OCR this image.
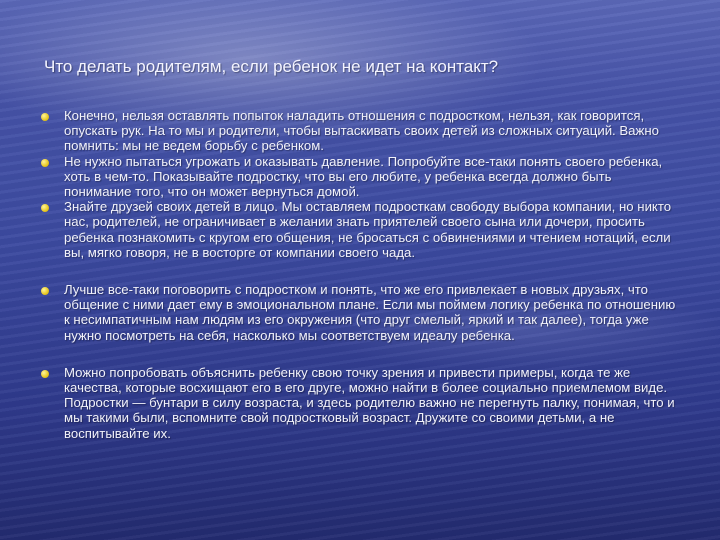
Что делать родителям, если ребенок не идет на контакт?
Конечно, нельзя оставлять попыток наладить отношения с подростком, нельзя, как говорится, опускать рук. На то мы и родители, чтобы вытаскивать своих детей из сложных ситуаций. Важно помнить: мы не ведем борьбу с ребенком.
Не нужно пытаться угрожать и оказывать давление. Попробуйте все-таки понять своего ребенка, хоть в чем-то. Показывайте подростку, что вы его любите, у ребенка всегда должно быть понимание того, что он может вернуться домой.
Знайте друзей своих детей в лицо. Мы оставляем подросткам свободу выбора компании, но никто нас, родителей, не ограничивает в желании знать приятелей своего сына или дочери, просить ребенка познакомить с кругом его общения, не бросаться с обвинениями и чтением нотаций, если вы, мягко говоря, не в восторге от компании своего чада.
Лучше все-таки поговорить с подростком и понять, что же его привлекает в новых друзьях, что общение с ними дает ему в эмоциональном плане. Если мы поймем логику ребенка по отношению к несимпатичным нам людям из его окружения (что друг смелый, яркий и так далее), тогда уже нужно посмотреть на себя, насколько мы соответствуем идеалу ребенка.
Можно попробовать объяснить ребенку свою точку зрения и привести примеры, когда те же качества, которые восхищают его в его друге, можно найти в более социально приемлемом виде. Подростки — бунтари в силу возраста, и здесь родителю важно не перегнуть палку, понимая, что и мы такими были, вспомните свой подростковый возраст. Дружите со своими детьми, а не воспитывайте их.
